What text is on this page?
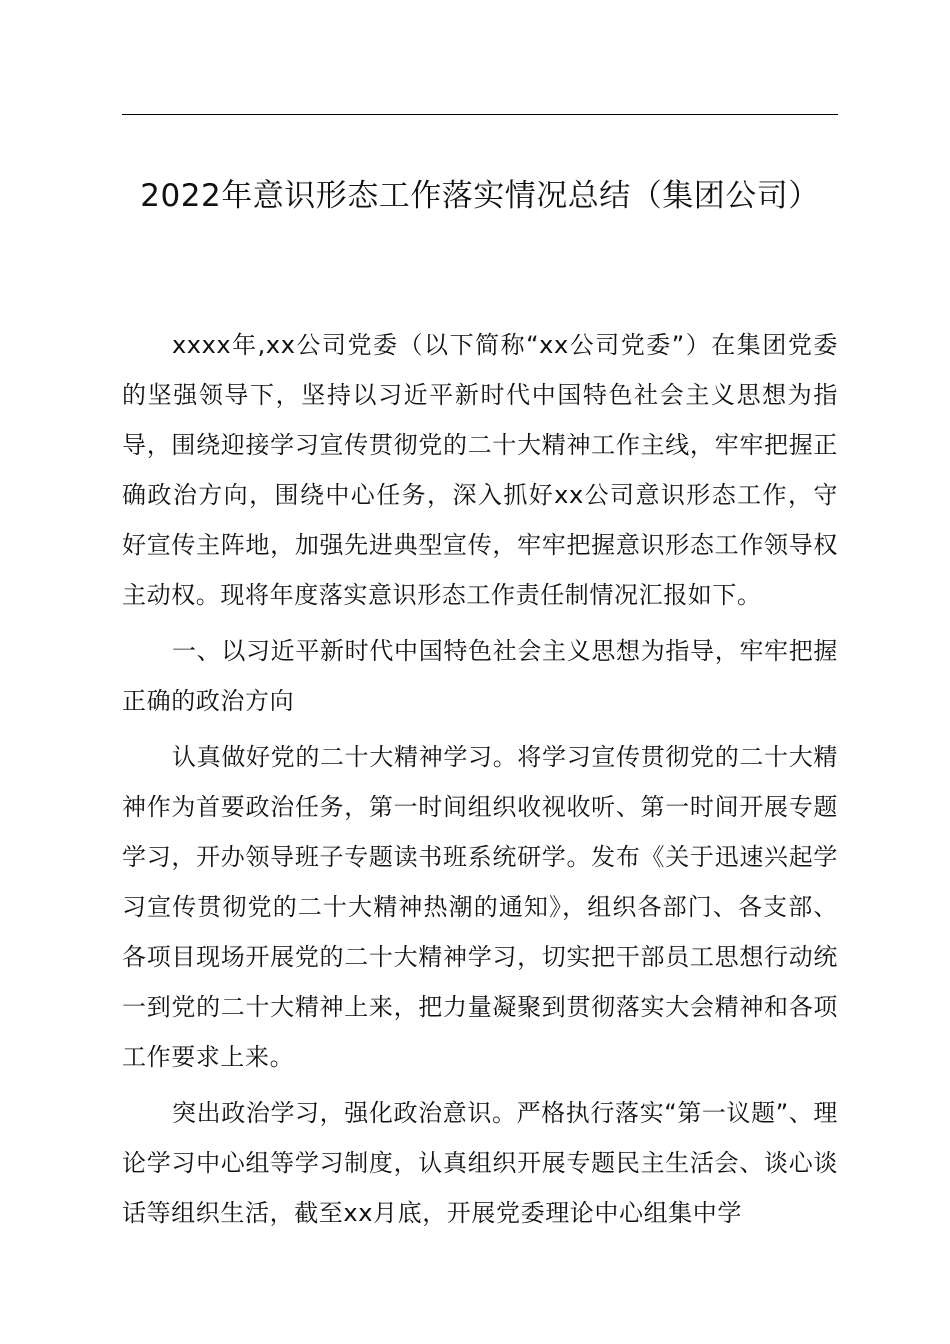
2022年意识形态工作落实情况总结（集团公司）

xxxx年,xx公司党委（以下简称“xx公司党委”）在集团党委的坚强领导下，坚持以习近平新时代中国特色社会主义思想为指导，围绕迎接学习宣传贯彻党的二十大精神工作主线，牢牢把握正确政治方向，围绕中心任务，深入抓好xx公司意识形态工作，守好宣传主阵地，加强先进典型宣传，牢牢把握意识形态工作领导权主动权。现将年度落实意识形态工作责任制情况汇报如下。

一、以习近平新时代中国特色社会主义思想为指导，牢牢把握正确的政治方向

认真做好党的二十大精神学习。将学习宣传贯彻党的二十大精神作为首要政治任务，第一时间组织收视收听、第一时间开展专题学习，开办领导班子专题读书班系统研学。发布《关于迅速兴起学习宣传贯彻党的二十大精神热潮的通知》，组织各部门、各支部、各项目现场开展党的二十大精神学习，切实把干部员工思想行动统一到党的二十大精神上来，把力量凝聚到贯彻落实大会精神和各项工作要求上来。

突出政治学习，强化政治意识。严格执行落实“第一议题”、理论学习中心组等学习制度，认真组织开展专题民主生活会、谈心谈话等组织生活，截至xx月底，开展党委理论中心组集中学
